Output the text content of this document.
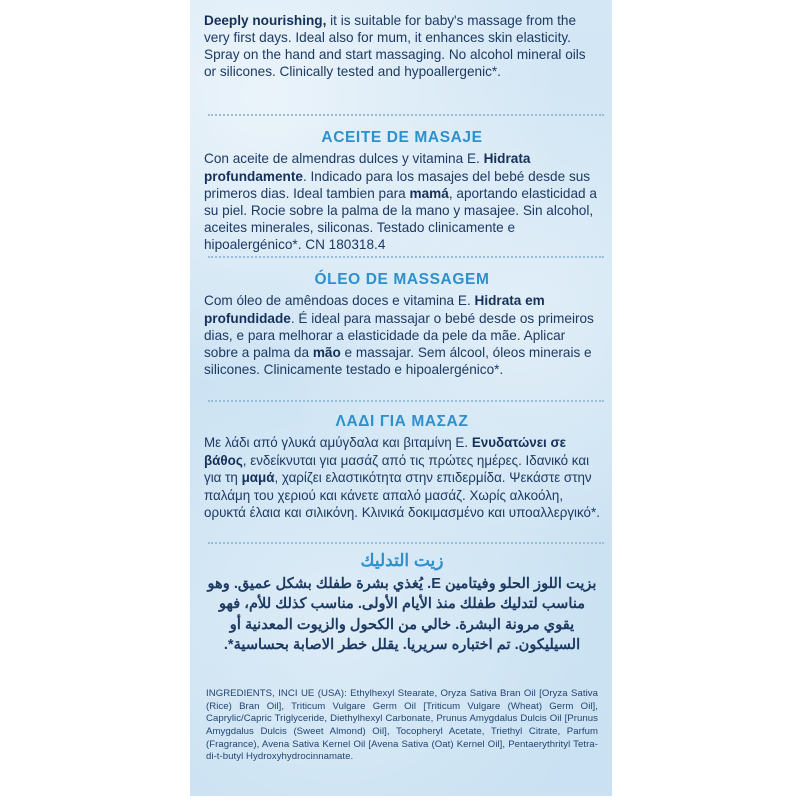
Deeply nourishing, it is suitable for baby's massage from the very first days. Ideal also for mum, it enhances skin elasticity. Spray on the hand and start massaging. No alcohol mineral oils or silicones. Clinically tested and hypoallergenic*.

ACEITE DE MASAJE

Con aceite de almendras dulces y vitamina E. Hidrata profundamente. Indicado para los masajes del bebé desde sus primeros dias. Ideal tambien para mamá, aportando elasticidad a su piel. Rocie sobre la palma de la mano y masajee. Sin alcohol, aceites minerales, siliconas. Testado clinicamente e hipoalergénico*. CN 180318.4

ÓLEO DE MASSAGEM

Com óleo de amêndoas doces e vitamina E. Hidrata em profundidade. É ideal para massajar o bebé desde os primeiros dias, e para melhorar a elasticidade da pele da mãe. Aplicar sobre a palma da mão e massajar. Sem álcool, óleos minerais e silicones. Clinicamente testado e hipoalergénico*.

ΛΑΔΙ ΓΙΑ ΜΑΣΑΖ

Με λάδι από γλυκά αμύγδαλα και βιταμίνη E. Ενυδατώνει σε βάθος, ενδείκνυται για μασάζ από τις πρώτες ημέρες. Ιδανικό και για τη μαμά, χαρίζει ελαστικότητα στην επιδερμίδα. Ψεκάστε στην παλάμη του χεριού και κάνετε απαλό μασάζ. Χωρίς αλκοόλη, ορυκτά έλαια και σιλικόνη. Κλινικά δοκιμασμένο και υποαλλεργικό*.

زيت التدليك

بزيت اللوز الحلو وفيتامين E. يُغذي بشرة طفلك بشكل عميق. وهو مناسب لتدليك طفلك منذ الأيام الأولى. مناسب كذلك للأم، فهو يقوي مرونة البشرة. خالي من الكحول والزيوت المعدنية أو السيليكون. تم اختباره سريريا. يقلل خطر الاصابة بحساسية*.

INGREDIENTS, INCI UE (USA): Ethylhexyl Stearate, Oryza Sativa Bran Oil [Oryza Sativa (Rice) Bran Oil], Triticum Vulgare Germ Oil [Triticum Vulgare (Wheat) Germ Oil], Caprylic/Capric Triglyceride, Diethylhexyl Carbonate, Prunus Amygdalus Dulcis Oil [Prunus Amygdalus Dulcis (Sweet Almond) Oil], Tocopheryl Acetate, Triethyl Citrate, Parfum (Fragrance), Avena Sativa Kernel Oil [Avena Sativa (Oat) Kernel Oil], Pentaerythrityl Tetra-di-t-butyl Hydroxyhydrocinnamate.
